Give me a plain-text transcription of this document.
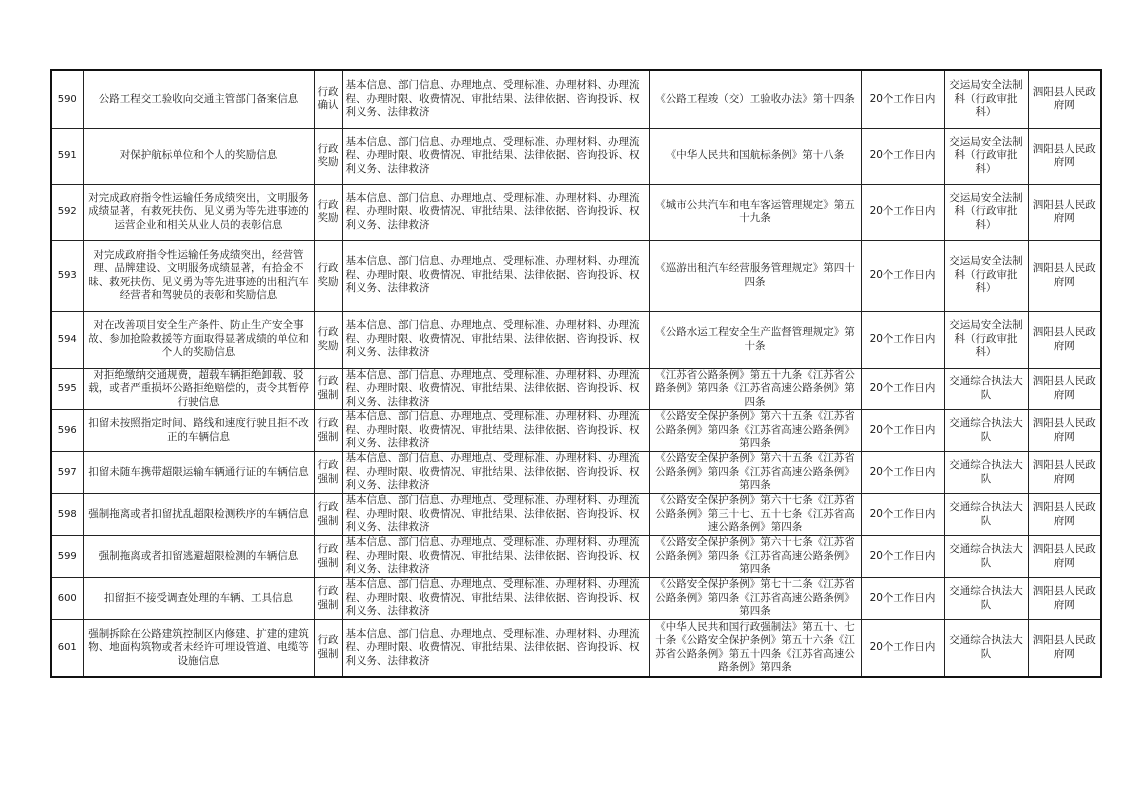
590	公路工程交工验收向交通主管部门备案信息	行政确认	基本信息、部门信息、办理地点、受理标准、办理材料、办理流程、办理时限、收费情况、审批结果、法律依据、咨询投诉、权利义务、法律救济	《公路工程竣（交）工验收办法》第十四条	20个工作日内	交运局安全法制科（行政审批科）	泗阳县人民政府网
591	对保护航标单位和个人的奖励信息	行政奖励	基本信息、部门信息、办理地点、受理标准、办理材料、办理流程、办理时限、收费情况、审批结果、法律依据、咨询投诉、权利义务、法律救济	《中华人民共和国航标条例》第十八条	20个工作日内	交运局安全法制科（行政审批科）	泗阳县人民政府网
592	对完成政府指令性运输任务成绩突出，文明服务成绩显著，有救死扶伤、见义勇为等先进事迹的运营企业和相关从业人员的表彰信息	行政奖励	基本信息、部门信息、办理地点、受理标准、办理材料、办理流程、办理时限、收费情况、审批结果、法律依据、咨询投诉、权利义务、法律救济	《城市公共汽车和电车客运管理规定》第五十九条	20个工作日内	交运局安全法制科（行政审批科）	泗阳县人民政府网
593	对完成政府指令性运输任务成绩突出，经营管理、品牌建设、文明服务成绩显著，有拾金不昧、救死扶伤、见义勇为等先进事迹的出租汽车经营者和驾驶员的表彰和奖励信息	行政奖励	基本信息、部门信息、办理地点、受理标准、办理材料、办理流程、办理时限、收费情况、审批结果、法律依据、咨询投诉、权利义务、法律救济	《巡游出租汽车经营服务管理规定》第四十四条	20个工作日内	交运局安全法制科（行政审批科）	泗阳县人民政府网
594	对在改善项目安全生产条件、防止生产安全事故、参加抢险救援等方面取得显著成绩的单位和个人的奖励信息	行政奖励	基本信息、部门信息、办理地点、受理标准、办理材料、办理流程、办理时限、收费情况、审批结果、法律依据、咨询投诉、权利义务、法律救济	《公路水运工程安全生产监督管理规定》第十条	20个工作日内	交运局安全法制科（行政审批科）	泗阳县人民政府网
595	对拒绝缴纳交通规费，超载车辆拒绝卸载、驳载，或者严重损坏公路拒绝赔偿的，责令其暂停行驶信息	行政强制	基本信息、部门信息、办理地点、受理标准、办理材料、办理流程、办理时限、收费情况、审批结果、法律依据、咨询投诉、权利义务、法律救济	《江苏省公路条例》第五十九条《江苏省公路条例》第四条《江苏省高速公路条例》第四条	20个工作日内	交通综合执法大队	泗阳县人民政府网
596	扣留未按照指定时间、路线和速度行驶且拒不改正的车辆信息	行政强制	基本信息、部门信息、办理地点、受理标准、办理材料、办理流程、办理时限、收费情况、审批结果、法律依据、咨询投诉、权利义务、法律救济	《公路安全保护条例》第六十五条《江苏省公路条例》第四条《江苏省高速公路条例》第四条	20个工作日内	交通综合执法大队	泗阳县人民政府网
597	扣留未随车携带超限运输车辆通行证的车辆信息	行政强制	基本信息、部门信息、办理地点、受理标准、办理材料、办理流程、办理时限、收费情况、审批结果、法律依据、咨询投诉、权利义务、法律救济	《公路安全保护条例》第六十五条《江苏省公路条例》第四条《江苏省高速公路条例》第四条	20个工作日内	交通综合执法大队	泗阳县人民政府网
598	强制拖离或者扣留扰乱超限检测秩序的车辆信息	行政强制	基本信息、部门信息、办理地点、受理标准、办理材料、办理流程、办理时限、收费情况、审批结果、法律依据、咨询投诉、权利义务、法律救济	《公路安全保护条例》第六十七条《江苏省公路条例》第三十七、五十七条《江苏省高速公路条例》第四条	20个工作日内	交通综合执法大队	泗阳县人民政府网
599	强制拖离或者扣留逃避超限检测的车辆信息	行政强制	基本信息、部门信息、办理地点、受理标准、办理材料、办理流程、办理时限、收费情况、审批结果、法律依据、咨询投诉、权利义务、法律救济	《公路安全保护条例》第六十七条《江苏省公路条例》第四条《江苏省高速公路条例》第四条	20个工作日内	交通综合执法大队	泗阳县人民政府网
600	扣留拒不接受调查处理的车辆、工具信息	行政强制	基本信息、部门信息、办理地点、受理标准、办理材料、办理流程、办理时限、收费情况、审批结果、法律依据、咨询投诉、权利义务、法律救济	《公路安全保护条例》第七十二条《江苏省公路条例》第四条《江苏省高速公路条例》第四条	20个工作日内	交通综合执法大队	泗阳县人民政府网
601	强制拆除在公路建筑控制区内修建、扩建的建筑物、地面构筑物或者未经许可埋设管道、电缆等设施信息	行政强制	基本信息、部门信息、办理地点、受理标准、办理材料、办理流程、办理时限、收费情况、审批结果、法律依据、咨询投诉、权利义务、法律救济	《中华人民共和国行政强制法》第五十、七十条《公路安全保护条例》第五十六条《江苏省公路条例》第五十四条《江苏省高速公路条例》第四条	20个工作日内	交通综合执法大队	泗阳县人民政府网
